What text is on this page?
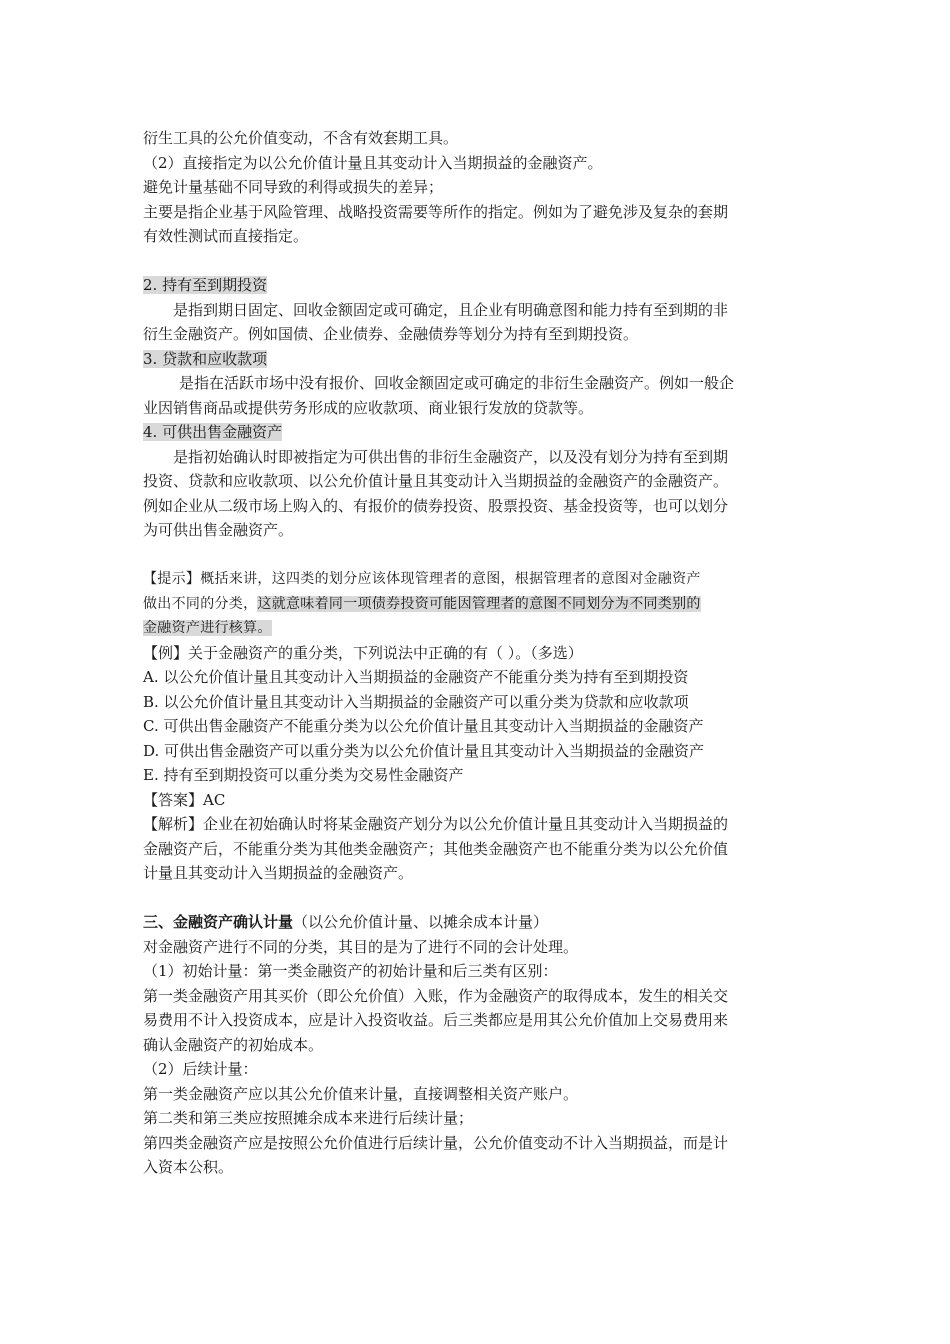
衍生工具的公允价值变动，不含有效套期工具。
（2）直接指定为以公允价值计量且其变动计入当期损益的金融资产。
避免计量基础不同导致的利得或损失的差异；
主要是指企业基于风险管理、战略投资需要等所作的指定。例如为了避免涉及复杂的套期
有效性测试而直接指定。
2. 持有至到期投资
是指到期日固定、回收金额固定或可确定，且企业有明确意图和能力持有至到期的非
衍生金融资产。例如国债、企业债券、金融债券等划分为持有至到期投资。
3. 贷款和应收款项
是指在活跃市场中没有报价、回收金额固定或可确定的非衍生金融资产。例如一般企
业因销售商品或提供劳务形成的应收款项、商业银行发放的贷款等。
4. 可供出售金融资产
是指初始确认时即被指定为可供出售的非衍生金融资产，以及没有划分为持有至到期
投资、贷款和应收款项、以公允价值计量且其变动计入当期损益的金融资产的金融资产。
例如企业从二级市场上购入的、有报价的债券投资、股票投资、基金投资等，也可以划分
为可供出售金融资产。
【提示】概括来讲，这四类的划分应该体现管理者的意图，根据管理者的意图对金融资产
做出不同的分类，这就意味着同一项债券投资可能因管理者的意图不同划分为不同类别的
金融资产进行核算。
【例】关于金融资产的重分类，下列说法中正确的有（ ）。（多选）
A. 以公允价值计量且其变动计入当期损益的金融资产不能重分类为持有至到期投资
B. 以公允价值计量且其变动计入当期损益的金融资产可以重分类为贷款和应收款项
C. 可供出售金融资产不能重分类为以公允价值计量且其变动计入当期损益的金融资产
D. 可供出售金融资产可以重分类为以公允价值计量且其变动计入当期损益的金融资产
E. 持有至到期投资可以重分类为交易性金融资产
【答案】AC
【解析】企业在初始确认时将某金融资产划分为以公允价值计量且其变动计入当期损益的
金融资产后，不能重分类为其他类金融资产；其他类金融资产也不能重分类为以公允价值
计量且其变动计入当期损益的金融资产。
三、金融资产确认计量（以公允价值计量、以摊余成本计量）
对金融资产进行不同的分类，其目的是为了进行不同的会计处理。
（1）初始计量：第一类金融资产的初始计量和后三类有区别：
第一类金融资产用其买价（即公允价值）入账，作为金融资产的取得成本，发生的相关交
易费用不计入投资成本，应是计入投资收益。后三类都应是用其公允价值加上交易费用来
确认金融资产的初始成本。
（2）后续计量：
第一类金融资产应以其公允价值来计量，直接调整相关资产账户。
第二类和第三类应按照摊余成本来进行后续计量；
第四类金融资产应是按照公允价值进行后续计量，公允价值变动不计入当期损益，而是计
入资本公积。
